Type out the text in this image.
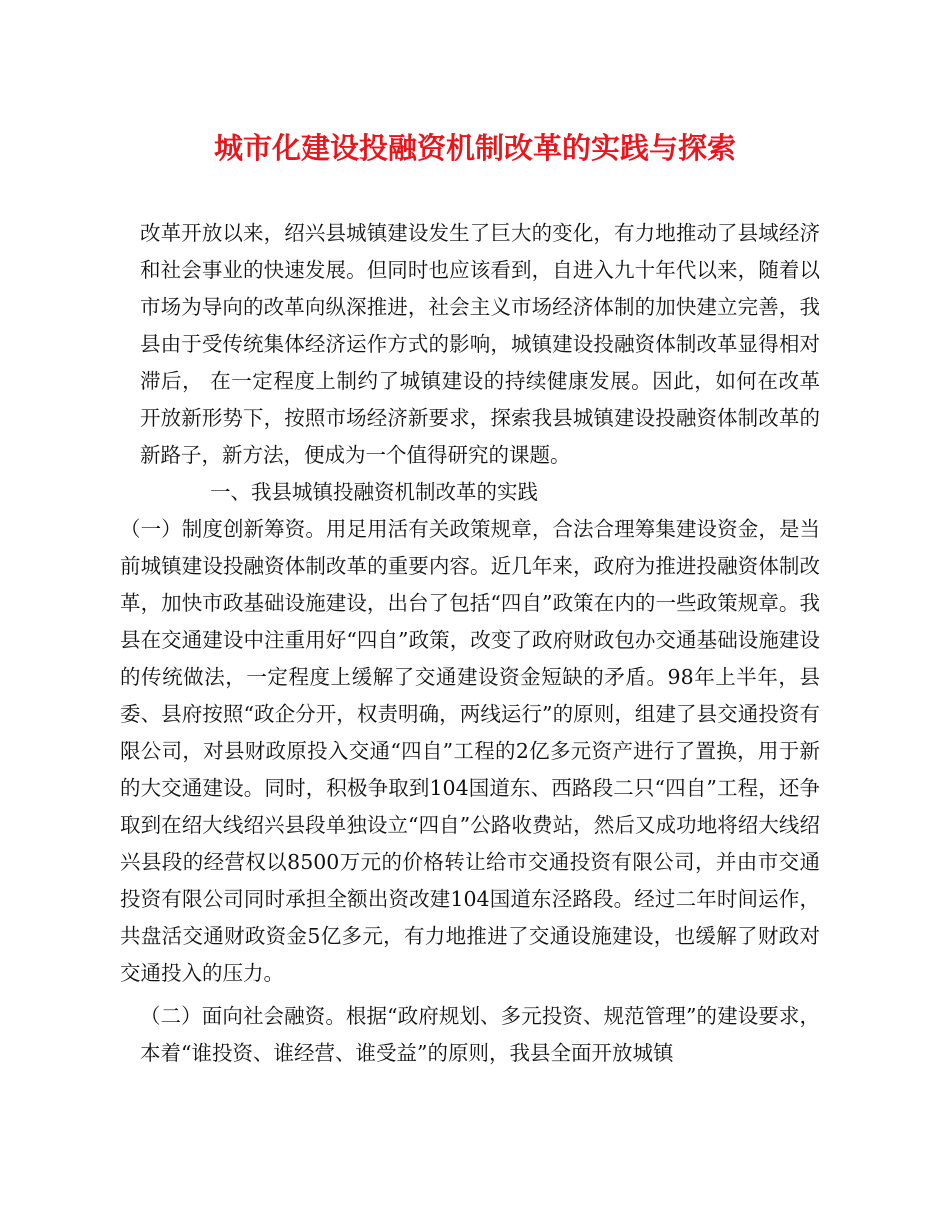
城市化建设投融资机制改革的实践与探索

改革开放以来，绍兴县城镇建设发生了巨大的变化，有力地推动了县域经济和社会事业的快速发展。但同时也应该看到，自进入九十年代以来，随着以市场为导向的改革向纵深推进，社会主义市场经济体制的加快建立完善，我县由于受传统集体经济运作方式的影响，城镇建设投融资体制改革显得相对滞后， 在一定程度上制约了城镇建设的持续健康发展。因此，如何在改革开放新形势下，按照市场经济新要求，探索我县城镇建设投融资体制改革的新路子，新方法，便成为一个值得研究的课题。

一、我县城镇投融资机制改革的实践

（一）制度创新筹资。用足用活有关政策规章，合法合理筹集建设资金，是当前城镇建设投融资体制改革的重要内容。近几年来，政府为推进投融资体制改革，加快市政基础设施建设，出台了包括“四自”政策在内的一些政策规章。我县在交通建设中注重用好“四自”政策，改变了政府财政包办交通基础设施建设的传统做法，一定程度上缓解了交通建设资金短缺的矛盾。98年上半年，县委、县府按照“政企分开，权责明确，两线运行”的原则，组建了县交通投资有限公司，对县财政原投入交通“四自”工程的2亿多元资产进行了置换，用于新的大交通建设。同时，积极争取到104国道东、西路段二只“四自”工程，还争取到在绍大线绍兴县段单独设立“四自”公路收费站，然后又成功地将绍大线绍兴县段的经营权以8500万元的价格转让给市交通投资有限公司，并由市交通投资有限公司同时承担全额出资改建104国道东泾路段。经过二年时间运作，共盘活交通财政资金5亿多元，有力地推进了交通设施建设，也缓解了财政对交通投入的压力。

（二）面向社会融资。根据“政府规划、多元投资、规范管理”的建设要求，本着“谁投资、谁经营、谁受益”的原则，我县全面开放城镇
